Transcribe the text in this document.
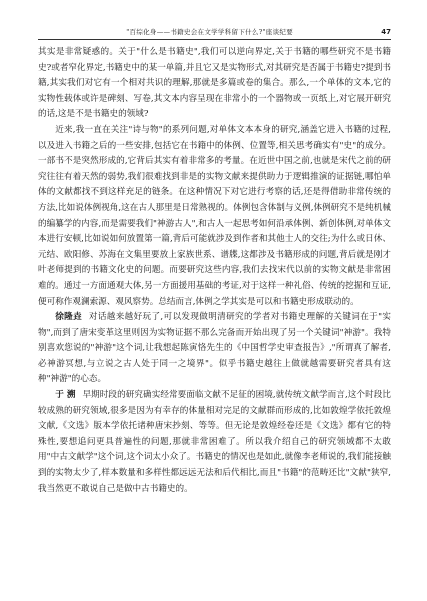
"百综化身——书籍史会在文学学科留下什么?"座谈纪要	47

其实是非常疑惑的。关于"什么是书籍史",我们可以逆向界定,关于书籍的哪些研究不是书籍史?或者窄化界定,书籍史中的某一单篇,并且它又是实物形式,对其研究是否属于书籍史?提到书籍,其实我们对它有一个相对共识的理解,那就是多篇或卷的集合。那么,一个单体的文本,它的实物性载体或许是碑刻、写卷,其文本内容呈现在非常小的一个器物或一页纸上,对它展开研究的话,这是不是书籍史的领域?

近来,我一直在关注"诗与物"的系列问题,对单体文本本身的研究,涵盖它进入书籍的过程,以及进入书籍之后的一些安排,包括它在书籍中的体例、位置等,相关思考确实有"史"的成分。一部书不是突然形成的,它背后其实有着非常多的考量。在近世中国之前,也就是宋代之前的研究往往有着天然的弱势,我们很难找到非是的实物文献来提供助力于逻辑推演的证据链,哪怕单体的文献都找不到这样充足的链条。在这种情况下对它进行考察的话,还是得借助非常传统的方法,比如说体例视角,这在古人那里是日常熟视的。体例包含体制与义例,体例研究不是纯机械的编纂学的内容,而是需要我们"神游古人",和古人一起思考如何沿承体例、新创体例,对单体文本进行安顿,比如说如何放置第一篇,背后可能就涉及到作者和其他士人的交往;为什么或日休、元结、欧阳修、苏海在文集里要放上家族世系、谱牒,这都涉及书籍形成的问题,背后就是刚才叶老师提到的书籍文化史的问题。而要研究这些内容,我们去找宋代以前的实物文献是非常困难的。通过一方面通观大体,另一方面援用基础的考证,对于这样一种礼俗、传统的挖掘和互证,便可称作观澜索源、观风察势。总结而言,体例之学其实是可以和书籍史形成联动的。

徐隆垚 对话越来越好玩了,可以发现做明清研究的学者对书籍史理解的关键词在于"实物",而到了唐宋变革这里则因为实物证据不那么完备而开始出现了另一个关键词"神游"。我特别喜欢您说的"神游"这个词,让我想起陈寅恪先生的《中国哲学史审查报告》,"所谓真了解者,必神游冥想,与立说之古人处于同一之境界"。似乎书籍史越往上做就越需要研究者具有这种"神游"的心态。

于 溯 早期时段的研究确实经常要面临文献不足征的困境,就传统文献学而言,这个时段比较成熟的研究领域,很多是因为有幸存的体量相对完足的文献群而形成的,比如敦煌学依托敦煌文献,《文选》版本学依托诸种唐宋抄刻、等等。但无论是敦煌经卷还是《文选》都有它的特殊性,要想追问更具普遍性的问题,那就非常困难了。所以我介绍自己的研究领域都不太敢用"中古文献学"这个词,这个词太小众了。书籍史的情况也是如此,就像李老师说的,我们能接触到的实物太少了,样本数量和多样性都远远无法和后代相比,而且"书籍"的范畴还比"文献"狭窄,我当然更不敢说自己是做中古书籍史的。
